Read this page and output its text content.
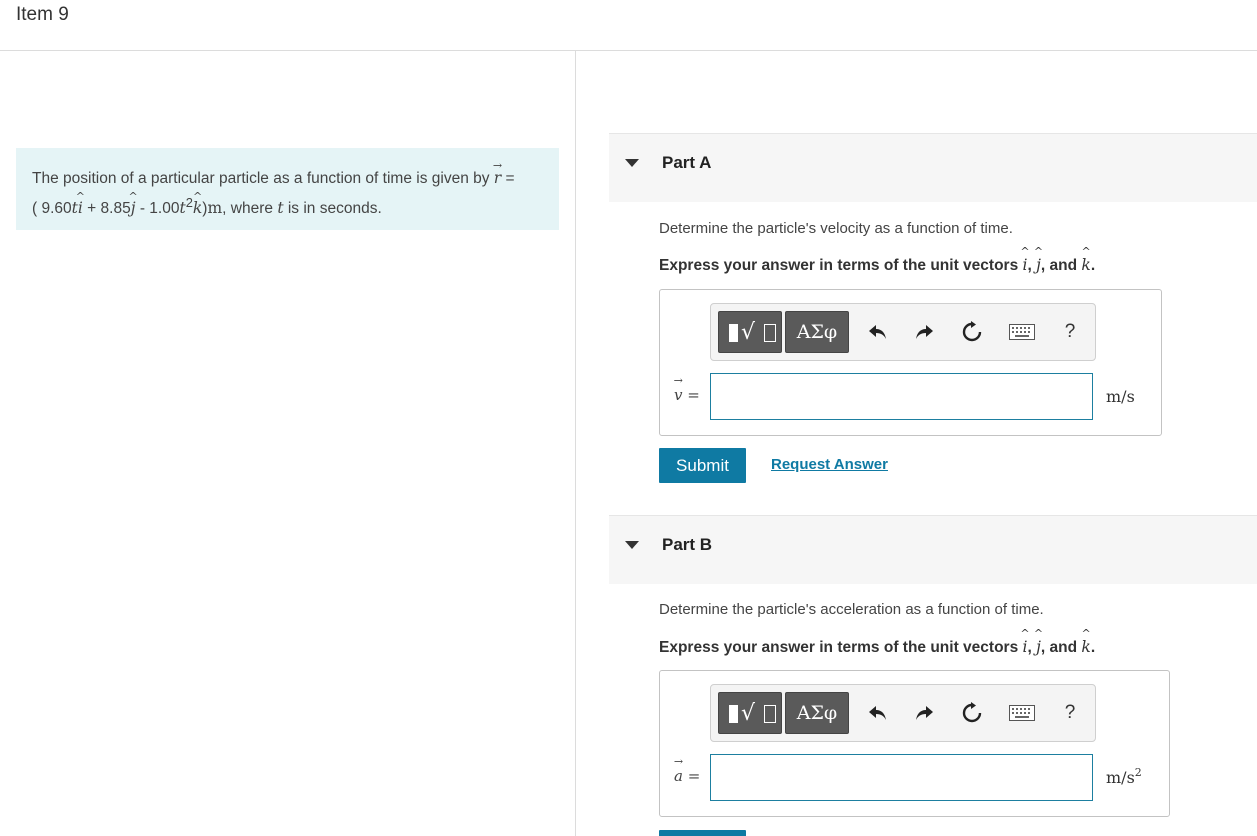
Item 9
The position of a particular particle as a function of time is given by r → =
( 9.60ti ^ + 8.85j ^ - $1.00t^2k$ ^)m, where t is in seconds.
Part A
Determine the particle's velocity as a function of time.
Express your answer in terms of the unit vectors i ^, j ^, and k ^.
√	ΑΣφ	?
v → =	m/s
Submit	Request Answer
Part B
Determine the particle's acceleration as a function of time.
Express your answer in terms of the unit vectors i ^, j ^, and k ^.
√	ΑΣφ	?
a → =	$m/s^2$
